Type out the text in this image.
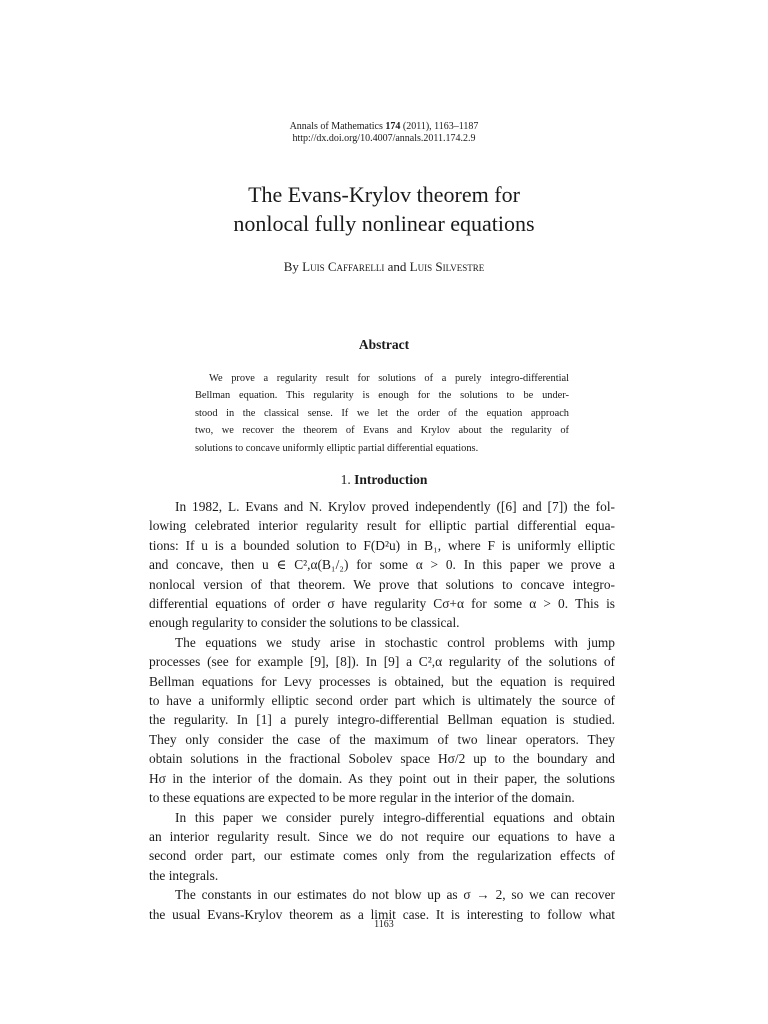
Annals of Mathematics 174 (2011), 1163–1187
http://dx.doi.org/10.4007/annals.2011.174.2.9
The Evans-Krylov theorem for
nonlocal fully nonlinear equations
By Luis Caffarelli and Luis Silvestre
Abstract
We prove a regularity result for solutions of a purely integro-differential
Bellman equation. This regularity is enough for the solutions to be under-
stood in the classical sense. If we let the order of the equation approach
two, we recover the theorem of Evans and Krylov about the regularity of
solutions to concave uniformly elliptic partial differential equations.
1. Introduction
In 1982, L. Evans and N. Krylov proved independently ([6] and [7]) the fol-
lowing celebrated interior regularity result for elliptic partial differential equa-
tions: If u is a bounded solution to F(D²u) in B₁, where F is uniformly elliptic
and concave, then u ∈ C²,α(B₁/₂) for some α > 0. In this paper we prove a
nonlocal version of that theorem. We prove that solutions to concave integro-
differential equations of order σ have regularity Cσ+α for some α > 0. This is
enough regularity to consider the solutions to be classical.
The equations we study arise in stochastic control problems with jump
processes (see for example [9], [8]). In [9] a C²,α regularity of the solutions of
Bellman equations for Levy processes is obtained, but the equation is required
to have a uniformly elliptic second order part which is ultimately the source of
the regularity. In [1] a purely integro-differential Bellman equation is studied.
They only consider the case of the maximum of two linear operators. They
obtain solutions in the fractional Sobolev space Hσ/2 up to the boundary and
Hσ in the interior of the domain. As they point out in their paper, the solutions
to these equations are expected to be more regular in the interior of the domain.
In this paper we consider purely integro-differential equations and obtain
an interior regularity result. Since we do not require our equations to have a
second order part, our estimate comes only from the regularization effects of
the integrals.
The constants in our estimates do not blow up as σ → 2, so we can recover
the usual Evans-Krylov theorem as a limit case. It is interesting to follow what
1163
